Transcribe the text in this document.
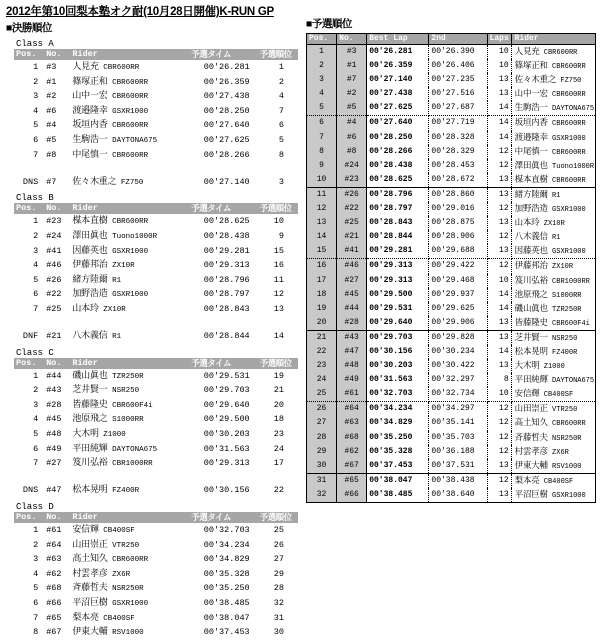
2012年第10回梨本塾オク耐(10月28日開催)K-RUN GP
■決勝順位
Class A
Pos.	No.	Rider	予選タイム	予選順位
1	#3	人見充 CBR600RR	00'26.281	1
2	#1	篠塚正和 CBR600RR	00'26.359	2
3	#2	山中一宏 CBR600RR	00'27.438	4
4	#6	渡邉隆幸 GSXR1000	00'28.250	7
5	#4	坂垣内香 CBR600RR	00'27.640	6
6	#5	生駒浩一 DAYTONA675	00'27.625	5
7	#8	中尾慎一 CBR600RR	00'28.266	8

DNS	#7	佐々木重之 FZ750	00'27.140	3
Class B
Pos.	No.	Rider	予選タイム	予選順位
1	#23	楳本直樹 CBR600RR	00'28.625	10
2	#24	澤田眞也 Tuono1000R	00'28.438	9
3	#41	因藤英也 GSXR1000	00'29.281	15
4	#46	伊藤邦治 ZX10R	00'29.313	16
5	#26	緒方陸爾 R1	00'28.796	11
6	#22	加野浩造 GSXR1000	00'28.797	12
7	#25	山本玲 ZX10R	00'28.843	13

DNF	#21	八木義信 R1	00'28.844	14
Class C
Pos.	No.	Rider	予選タイム	予選順位
1	#44	磯山眞也 TZR250R	00'29.531	19
2	#43	芝井賢一 NSR250	00'29.703	21
3	#28	皆藤隆史 CBR600F4i	00'29.640	20
4	#45	池原飛之 S1000RR	00'29.500	18
5	#48	大木明 Z1000	00'30.203	23
6	#49	平田純輝 DAYTONA675	00'31.563	24
7	#27	笈川弘裕 CBR1000RR	00'29.313	17

DNS	#47	松本晃明 FZ400R	00'30.156	22
Class D
Pos.	No.	Rider	予選タイム	予選順位
1	#61	安信輝 CB400SF	00'32.703	25
2	#64	山田崇正 VTR250	00'34.234	26
3	#63	高土知久 CBR600RR	00'34.829	27
4	#62	村雲孝彦 ZX6R	00'35.328	29
5	#68	斉藤哲夫 NSR250R	00'35.250	28
6	#66	平沼巨樹 GSXR1000	00'38.485	32
7	#65	梨本亮 CB400SF	00'38.047	31
8	#67	伊東大輔 RSV1000	00'37.453	30
■予選順位
Pos.	No.	Best Lap	2nd	Laps	Rider
1	#3	00'26.281	00'26.390	10	人見充 CBR600RR
2	#1	00'26.359	00'26.406	10	篠塚正和 CBR600RR
3	#7	00'27.140	00'27.235	13	佐々木重之 FZ750
4	#2	00'27.438	00'27.516	13	山中一宏 CBR600RR
5	#5	00'27.625	00'27.687	14	生駒浩一 DAYTONA675
6	#4	00'27.640	00'27.719	14	坂垣内香 CBR600RR
7	#6	00'28.250	00'28.328	14	渡邉隆幸 GSXR1000
8	#8	00'28.266	00'28.329	12	中尾慎一 CBR600RR
9	#24	00'28.438	00'28.453	12	澤田眞也 Tuono1000R
10	#23	00'28.625	00'28.672	13	楳本直樹 CBR600RR
11	#26	00'28.796	00'28.860	13	緒方陸爾 R1
12	#22	00'28.797	00'29.016	12	加野浩造 GSXR1000
13	#25	00'28.843	00'28.875	13	山本玲 ZX10R
14	#21	00'28.844	00'28.906	12	八木義信 R1
15	#41	00'29.281	00'29.688	13	因藤英也 GSXR1000
16	#46	00'29.313	00'29.422	12	伊藤邦治 ZX10R
17	#27	00'29.313	00'29.468	10	笈川弘裕 CBR1000RR
18	#45	00'29.500	00'29.937	14	池原飛之 S1000RR
19	#44	00'29.531	00'29.625	14	磯山眞也 TZR250R
20	#28	00'29.640	00'29.906	13	皆藤隆史 CBR600F4i
21	#43	00'29.703	00'29.828	13	芝井賢一 NSR250
22	#47	00'30.156	00'30.234	14	松本晃明 FZ400R
23	#48	00'30.203	00'30.422	13	大木明 Z1000
24	#49	00'31.563	00'32.297	8	平田純輝 DAYTONA675
25	#61	00'32.703	00'32.734	10	安信輝 CB400SF
26	#64	00'34.234	00'34.297	12	山田崇正 VTR250
27	#63	00'34.829	00'35.141	12	高土知久 CBR600RR
28	#68	00'35.250	00'35.703	12	斉藤哲夫 NSR250R
29	#62	00'35.328	00'36.188	12	村雲孝彦 ZX6R
30	#67	00'37.453	00'37.531	13	伊東大輔 RSV1000
31	#65	00'38.047	00'38.438	12	梨本亮 CB400SF
32	#66	00'38.485	00'38.640	13	平沼巨樹 GSXR1000
